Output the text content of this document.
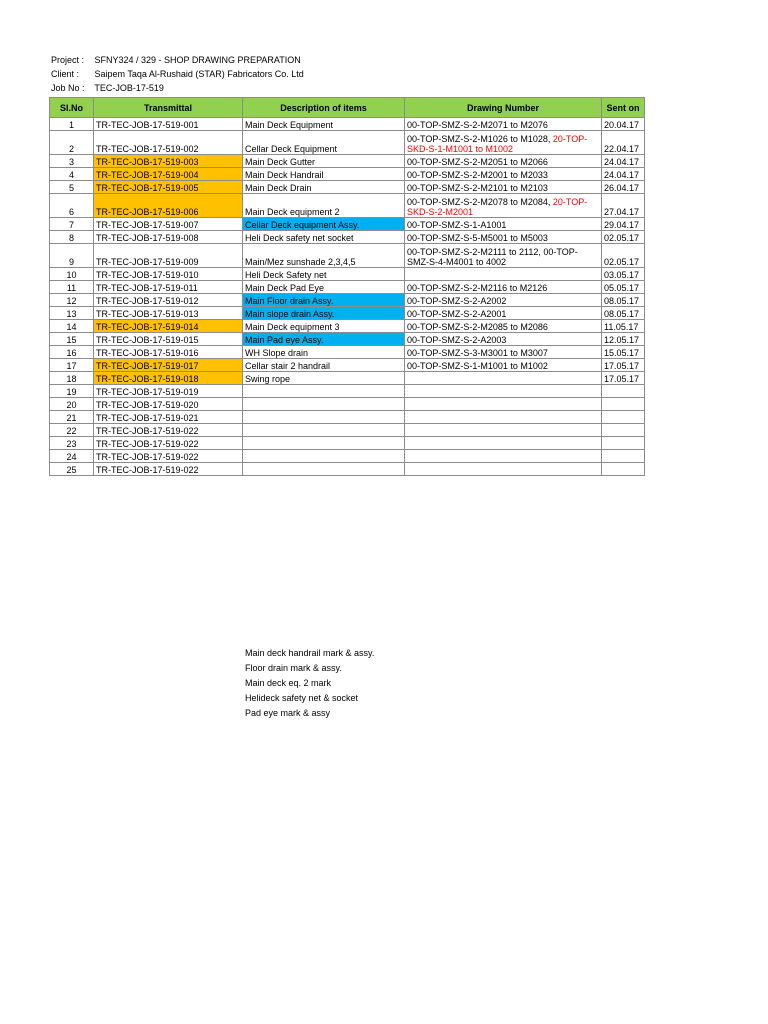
Project : SFNY324 / 329 - SHOP DRAWING PREPARATION
Client : Saipem Taqa Al-Rushaid (STAR) Fabricators Co. Ltd
Job No : TEC-JOB-17-519
Sl.No	Transmittal	Description of items	Drawing Number	Sent on
1	TR-TEC-JOB-17-519-001	Main Deck Equipment	00-TOP-SMZ-S-2-M2071 to M2076	20.04.17
2	TR-TEC-JOB-17-519-002	Cellar Deck Equipment	00-TOP-SMZ-S-2-M1026 to M1028, 20-TOP-SKD-S-1-M1001 to M1002	22.04.17
3	TR-TEC-JOB-17-519-003	Main Deck Gutter	00-TOP-SMZ-S-2-M2051 to M2066	24.04.17
4	TR-TEC-JOB-17-519-004	Main Deck Handrail	00-TOP-SMZ-S-2-M2001 to M2033	24.04.17
5	TR-TEC-JOB-17-519-005	Main Deck Drain	00-TOP-SMZ-S-2-M2101 to M2103	26.04.17
6	TR-TEC-JOB-17-519-006	Main Deck equipment 2	00-TOP-SMZ-S-2-M2078 to M2084, 20-TOP-SKD-S-2-M2001	27.04.17
7	TR-TEC-JOB-17-519-007	Cellar Deck equipment Assy.	00-TOP-SMZ-S-1-A1001	29.04.17
8	TR-TEC-JOB-17-519-008	Heli Deck safety net socket	00-TOP-SMZ-S-5-M5001 to M5003	02.05.17
9	TR-TEC-JOB-17-519-009	Main/Mez sunshade 2,3,4,5	00-TOP-SMZ-S-2-M2111 to 2112, 00-TOP-SMZ-S-4-M4001 to 4002	02.05.17
10	TR-TEC-JOB-17-519-010	Heli Deck Safety net		03.05.17
11	TR-TEC-JOB-17-519-011	Main Deck Pad Eye	00-TOP-SMZ-S-2-M2116 to M2126	05.05.17
12	TR-TEC-JOB-17-519-012	Main Floor drain Assy.	00-TOP-SMZ-S-2-A2002	08.05.17
13	TR-TEC-JOB-17-519-013	Main slope drain Assy.	00-TOP-SMZ-S-2-A2001	08.05.17
14	TR-TEC-JOB-17-519-014	Main Deck equipment 3	00-TOP-SMZ-S-2-M2085 to M2086	11.05.17
15	TR-TEC-JOB-17-519-015	Main Pad eye Assy.	00-TOP-SMZ-S-2-A2003	12.05.17
16	TR-TEC-JOB-17-519-016	WH Slope drain	00-TOP-SMZ-S-3-M3001 to M3007	15.05.17
17	TR-TEC-JOB-17-519-017	Cellar stair 2 handrail	00-TOP-SMZ-S-1-M1001 to M1002	17.05.17
18	TR-TEC-JOB-17-519-018	Swing rope		17.05.17
19	TR-TEC-JOB-17-519-019			
20	TR-TEC-JOB-17-519-020			
21	TR-TEC-JOB-17-519-021			
22	TR-TEC-JOB-17-519-022			
23	TR-TEC-JOB-17-519-022			
24	TR-TEC-JOB-17-519-022			
25	TR-TEC-JOB-17-519-022			
Main deck handrail mark & assy.
Floor drain mark & assy.
Main deck eq. 2 mark
Helideck safety net & socket
Pad eye mark & assy
